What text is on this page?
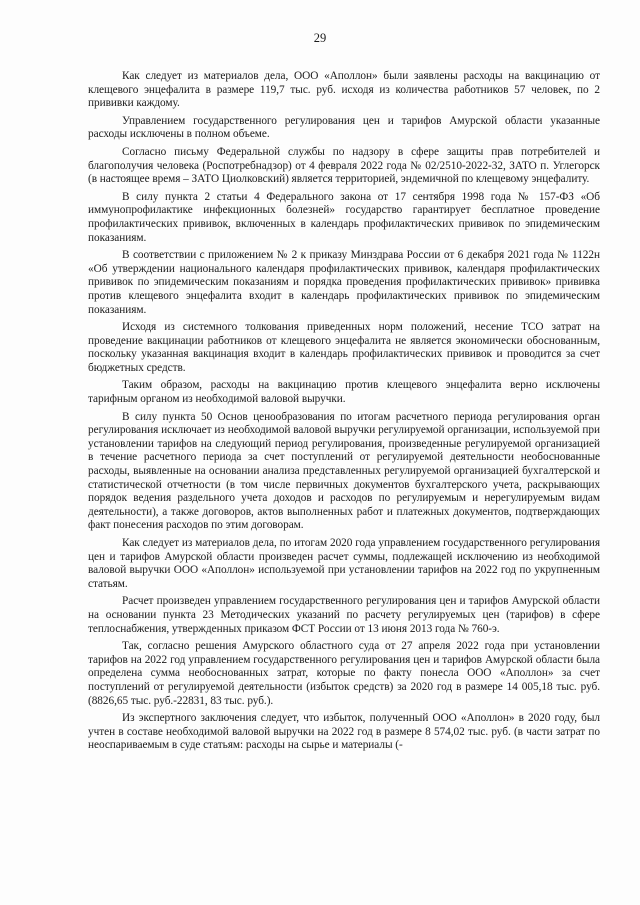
29

Как следует из материалов дела, ООО «Аполлон» были заявлены расходы на вакцинацию от клещевого энцефалита в размере 119,7 тыс. руб. исходя из количества работников 57 человек, по 2 прививки каждому.

Управлением государственного регулирования цен и тарифов Амурской области указанные расходы исключены в полном объеме.

Согласно письму Федеральной службы по надзору в сфере защиты прав потребителей и благополучия человека (Роспотребнадзор) от 4 февраля 2022 года № 02/2510-2022-32, ЗАТО п. Углегорск (в настоящее время – ЗАТО Циолковский) является территорией, эндемичной по клещевому энцефалиту.

В силу пункта 2 статьи 4 Федерального закона от 17 сентября 1998 года № 157-ФЗ «Об иммунопрофилактике инфекционных болезней» государство гарантирует бесплатное проведение профилактических прививок, включенных в календарь профилактических прививок по эпидемическим показаниям.

В соответствии с приложением № 2 к приказу Минздрава России от 6 декабря 2021 года № 1122н «Об утверждении национального календаря профилактических прививок, календаря профилактических прививок по эпидемическим показаниям и порядка проведения профилактических прививок» прививка против клещевого энцефалита входит в календарь профилактических прививок по эпидемическим показаниям.

Исходя из системного толкования приведенных норм положений, несение ТСО затрат на проведение вакцинации работников от клещевого энцефалита не является экономически обоснованным, поскольку указанная вакцинация входит в календарь профилактических прививок и проводится за счет бюджетных средств.

Таким образом, расходы на вакцинацию против клещевого энцефалита верно исключены тарифным органом из необходимой валовой выручки.

В силу пункта 50 Основ ценообразования по итогам расчетного периода регулирования орган регулирования исключает из необходимой валовой выручки регулируемой организации, используемой при установлении тарифов на следующий период регулирования, произведенные регулируемой организацией в течение расчетного периода за счет поступлений от регулируемой деятельности необоснованные расходы, выявленные на основании анализа представленных регулируемой организацией бухгалтерской и статистической отчетности (в том числе первичных документов бухгалтерского учета, раскрывающих порядок ведения раздельного учета доходов и расходов по регулируемым и нерегулируемым видам деятельности), а также договоров, актов выполненных работ и платежных документов, подтверждающих факт понесения расходов по этим договорам.

Как следует из материалов дела, по итогам 2020 года управлением государственного регулирования цен и тарифов Амурской области произведен расчет суммы, подлежащей исключению из необходимой валовой выручки ООО «Аполлон» используемой при установлении тарифов на 2022 год по укрупненным статьям.

Расчет произведен управлением государственного регулирования цен и тарифов Амурской области на основании пункта 23 Методических указаний по расчету регулируемых цен (тарифов) в сфере теплоснабжения, утвержденных приказом ФСТ России от 13 июня 2013 года № 760-э.

Так, согласно решения Амурского областного суда от 27 апреля 2022 года при установлении тарифов на 2022 год управлением государственного регулирования цен и тарифов Амурской области была определена сумма необоснованных затрат, которые по факту понесла ООО «Аполлон» за счет поступлений от регулируемой деятельности (избыток средств) за 2020 год в размере 14 005,18 тыс. руб. (8826,65 тыс. руб.-22831, 83 тыс. руб.).

Из экспертного заключения следует, что избыток, полученный ООО «Аполлон» в 2020 году, был учтен в составе необходимой валовой выручки на 2022 год в размере 8 574,02 тыс. руб. (в части затрат по неоспариваемым в суде статьям: расходы на сырье и материалы (-
